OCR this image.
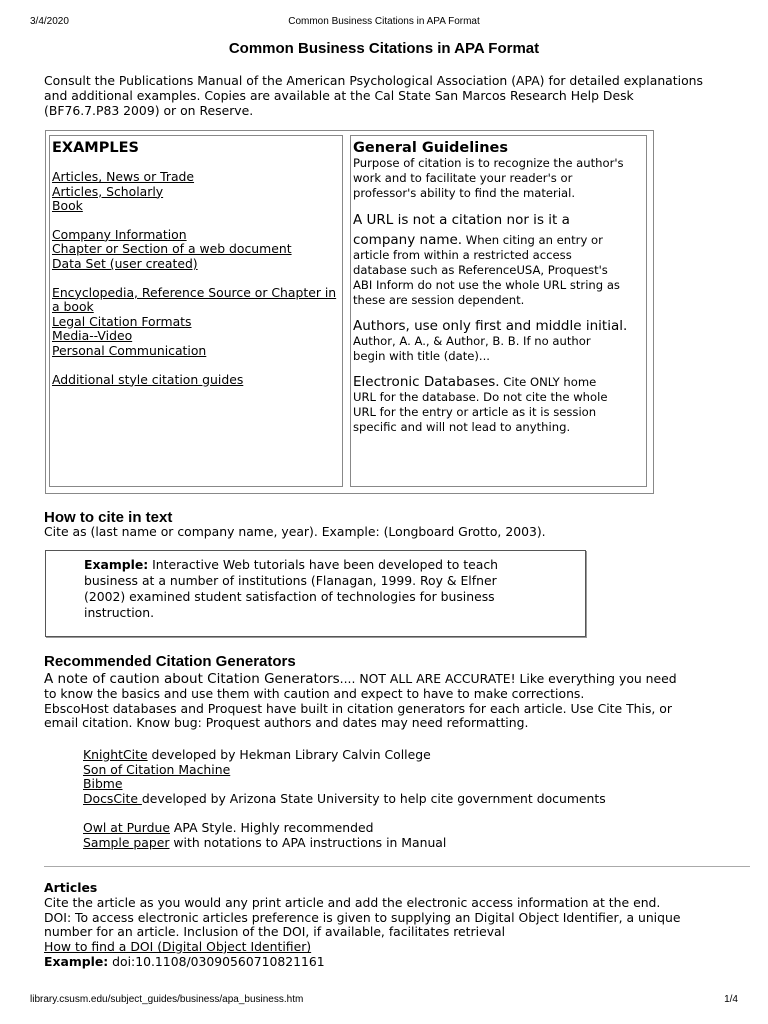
3/4/2020	Common Business Citations in APA Format
Common Business Citations in APA Format
Consult the Publications Manual of the American Psychological Association (APA) for detailed explanations
and additional examples. Copies are available at the Cal State San Marcos Research Help Desk
(BF76.7.P83 2009) or on Reserve.
EXAMPLES
Articles, News or Trade
Articles, Scholarly
Book
Company Information
Chapter or Section of a web document
Data Set (user created)
Encyclopedia, Reference Source or Chapter in
a book
Legal Citation Formats
Media--Video
Personal Communication
Additional style citation guides
General Guidelines
Purpose of citation is to recognize the author's
work and to facilitate your reader's or
professor's ability to find the material.
A URL is not a citation nor is it a
company name. When citing an entry or
article from within a restricted access
database such as ReferenceUSA, Proquest's
ABI Inform do not use the whole URL string as
these are session dependent.
Authors, use only first and middle initial.
Author, A. A., & Author, B. B. If no author
begin with title (date)...
Electronic Databases. Cite ONLY home
URL for the database. Do not cite the whole
URL for the entry or article as it is session
specific and will not lead to anything.
How to cite in text
Cite as (last name or company name, year). Example: (Longboard Grotto, 2003).
Example: Interactive Web tutorials have been developed to teach
business at a number of institutions (Flanagan, 1999. Roy & Elfner
(2002) examined student satisfaction of technologies for business
instruction.
Recommended Citation Generators
A note of caution about Citation Generators.... NOT ALL ARE ACCURATE! Like everything you need
to know the basics and use them with caution and expect to have to make corrections.
EbscoHost databases and Proquest have built in citation generators for each article. Use Cite This, or
email citation. Know bug: Proquest authors and dates may need reformatting.
KnightCite developed by Hekman Library Calvin College
Son of Citation Machine
Bibme
DocsCite developed by Arizona State University to help cite government documents
Owl at Purdue APA Style. Highly recommended
Sample paper with notations to APA instructions in Manual
Articles
Cite the article as you would any print article and add the electronic access information at the end.
DOI: To access electronic articles preference is given to supplying an Digital Object Identifier, a unique
number for an article. Inclusion of the DOI, if available, facilitates retrieval
How to find a DOI (Digital Object Identifier)
Example: doi:10.1108/03090560710821161
library.csusm.edu/subject_guides/business/apa_business.htm	1/4
